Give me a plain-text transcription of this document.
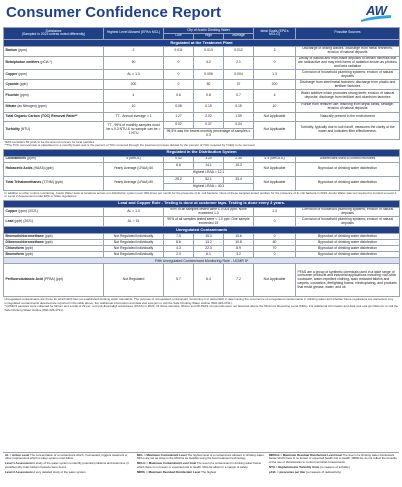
Consumer Confidence Report	AW
Substance
(Sampled in 2023 unless noted differently)	Highest Level Allowed (EPA's MCL)	City of Austin Drinking Water			Ideal Goals (EPA's MCLG)	Possible Sources
		Low	High	Average		
Regulated at the Treatment Plant						
Barium (ppm)	2	0.011	0.013	0.012	2	Discharge of drilling wastes, discharge from metal refineries, erosion of natural deposits
Beta/photon emitters (pCi/L*)	50	0	4.2	2.1	0	Decay of natural and man-made deposits of certain minerals that are radioactive and may emit forms of radiation known as photons and beta radiation
Copper (ppm)	AL = 1.3	0	0.006	0.004	1.3	Corrosion of household plumbing systems; erosion of natural deposits
Cyanide (ppb)	200	0	80	37	200	Discharge from steel/metal factories; discharge from plastic and fertilizer factories
Fluoride (ppm)	4	0.6	0.8	0.7	4	Water additive which promotes strong teeth; erosion of natural deposits; discharge from fertilizer and aluminum factories
Nitrate (as Nitrogen) (ppm)	10	0.08	0.19	0.15	10	Runoff from fertilizer use; leaching from septic tanks, sewage; erosion of natural deposits
Total Organic Carbon (TOC) Removal Ratio**	TT - Annual average > 1	1.27	2.02	1.59	Not Applicable	Naturally present in the environment
Turbidity (NTU)	TT - 95% of monthly samples must be ≤ 0.3 NTU & no sample can be > 1 NTU	0.02	0.37	0.04	Not Applicable	Turbidity, typically due to soil runoff, measures the clarity of the water and indicates filter effectiveness.
		99.5% was the lowest monthly percentage of samples ≤ 0.3				
*EPA considers 50 pCi/L to be the level of concern for beta particles.
**The TOC removal ratio is calculated on a monthly basis and is the percent of TOC removed through the treatment process divided by the percent of TOC required by TCEQ to be removed.						
Regulated in the Distribution System						
Chloramines (ppm)	4 (MRDL)	0.42	3.20	2.35	≤ 4 (MRDLG)	Disinfectant used to control microbes
Haloacetic Acids (HAA5) (ppb)	Yearly Average (LRAA) 60	6.6	14.1	10.3	Not Applicable	Byproduct of drinking water disinfection
		Highest LRAA = 12.1				
Total Trihalomethanes (TTHM) (ppb)	Yearly Average (LRAA) 80	25.2	52.1	33.4	Not Applicable	Byproduct of drinking water disinfection
		Highest LRAA = 40.1				
In addition to other routine monitoring, Austin Water tests at locations across our distribution system over 300 times per month for the presence of E. coli bacteria. None of these samples tested positive for the presence of E. coli bacteria in 2023. Austin Water was not required to conduct a Level 1 or Level 2 Assessment under EPA or State regulations.						
Lead and Copper Rule - Testing is done at customer taps. Testing is done every 3 years.						
Copper (ppm) (2021)	AL = 1.3	90% of all samples tested were ≤ 0.004 ppm. None exceeded 1.3			1.3	Corrosion of household plumbing systems; erosion of natural deposits
Lead (ppb) (2021)	AL = 15	90% of all samples tested were < 1.0 ppb. One sample exceeded 15			0	Corrosion of household plumbing systems; erosion of natural deposits
Unregulated Contaminants						
Bromodichloromethane (ppb)	Not Regulated Individually	7.5	15.3	10.6	0	Byproduct of drinking water disinfection
Dibromochloromethane (ppb)	Not Regulated Individually	8.6	13.2	10.8	60	Byproduct of drinking water disinfection
Chloroform (ppb)	Not Regulated Individually	4.3	22.3	8.9	70	Byproduct of drinking water disinfection
Bromoform (ppb)	Not Regulated Individually	2.0	6.1	3.2	0	Byproduct of drinking water disinfection
Fifth Unregulated Contaminant Monitoring Rule - UCMR 5*						
Perfluorobutanoic Acid (PFBA) (ppt)	Not Regulated	5.7	6.4	7.2	Not Applicable	PFAS are a group of synthetic chemicals used in a wide range of consumer products and industrial applications including: non-stick cookware, water-repellent clothing, stain resistant fabrics and carpets, cosmetics, firefighting foams, electroplating, and products that resist grease, water, and oil.
Unregulated contaminants are those for which EPA has not established drinking water standards. The purpose of unregulated contaminant monitoring is to assist EPA in determining the occurrence of unregulated contaminants in drinking water and whether future regulations are warranted. Any unregulated contaminants detected are reported in the table above. For additional information and data visit epa.gov or call the Safe Drinking Water Hotline (800-426-4791).
*UCMR 5 samples were collected for lithium and a total of 29 per- and polyfluoroalkyl substances (PFAS) in 2023. Of those samples, lithium and 28 PFAS compounds were not detected above the Minimum Reporting Level (MRL). For additional information and data visit epa.gov/dwucmr or call the Safe Drinking Water Hotline (800-426-4791).						

AL = Action Level The concentration of a contaminant which, if exceeded, triggers treatment or other requirements which a water system must follow.

Level 1 Assessment A study of the water system to identify potential problems and determine (if possible) why total coliform bacteria were found.

Level 2 Assessment A very detailed study of the water system.

MCL = Maximum Contaminant Level The highest level of a contaminant allowed in drinking water. MCLs are set as close to the MCLGs as feasible using the best treatment technology.

MCLG = Maximum Contaminant Level Goal The level of a contaminant in drinking water below which there is no known or expected risk to health. MCLGs allow for a margin of safety.

MRDL = Maximum Residual Disinfectant Level The highest

MRDLG = Maximum Residual Disinfectant Level Goal The level of a drinking water disinfectant below which there is no known or expected health risk to health. MRDLGs do not reflect the benefits of the use of disinfectants to control microbial contaminants.

NTU = Nephelometric Turbidity Units (a measure of turbidity)

pCi/L = picocuries per liter (a measure of radioactivity)
